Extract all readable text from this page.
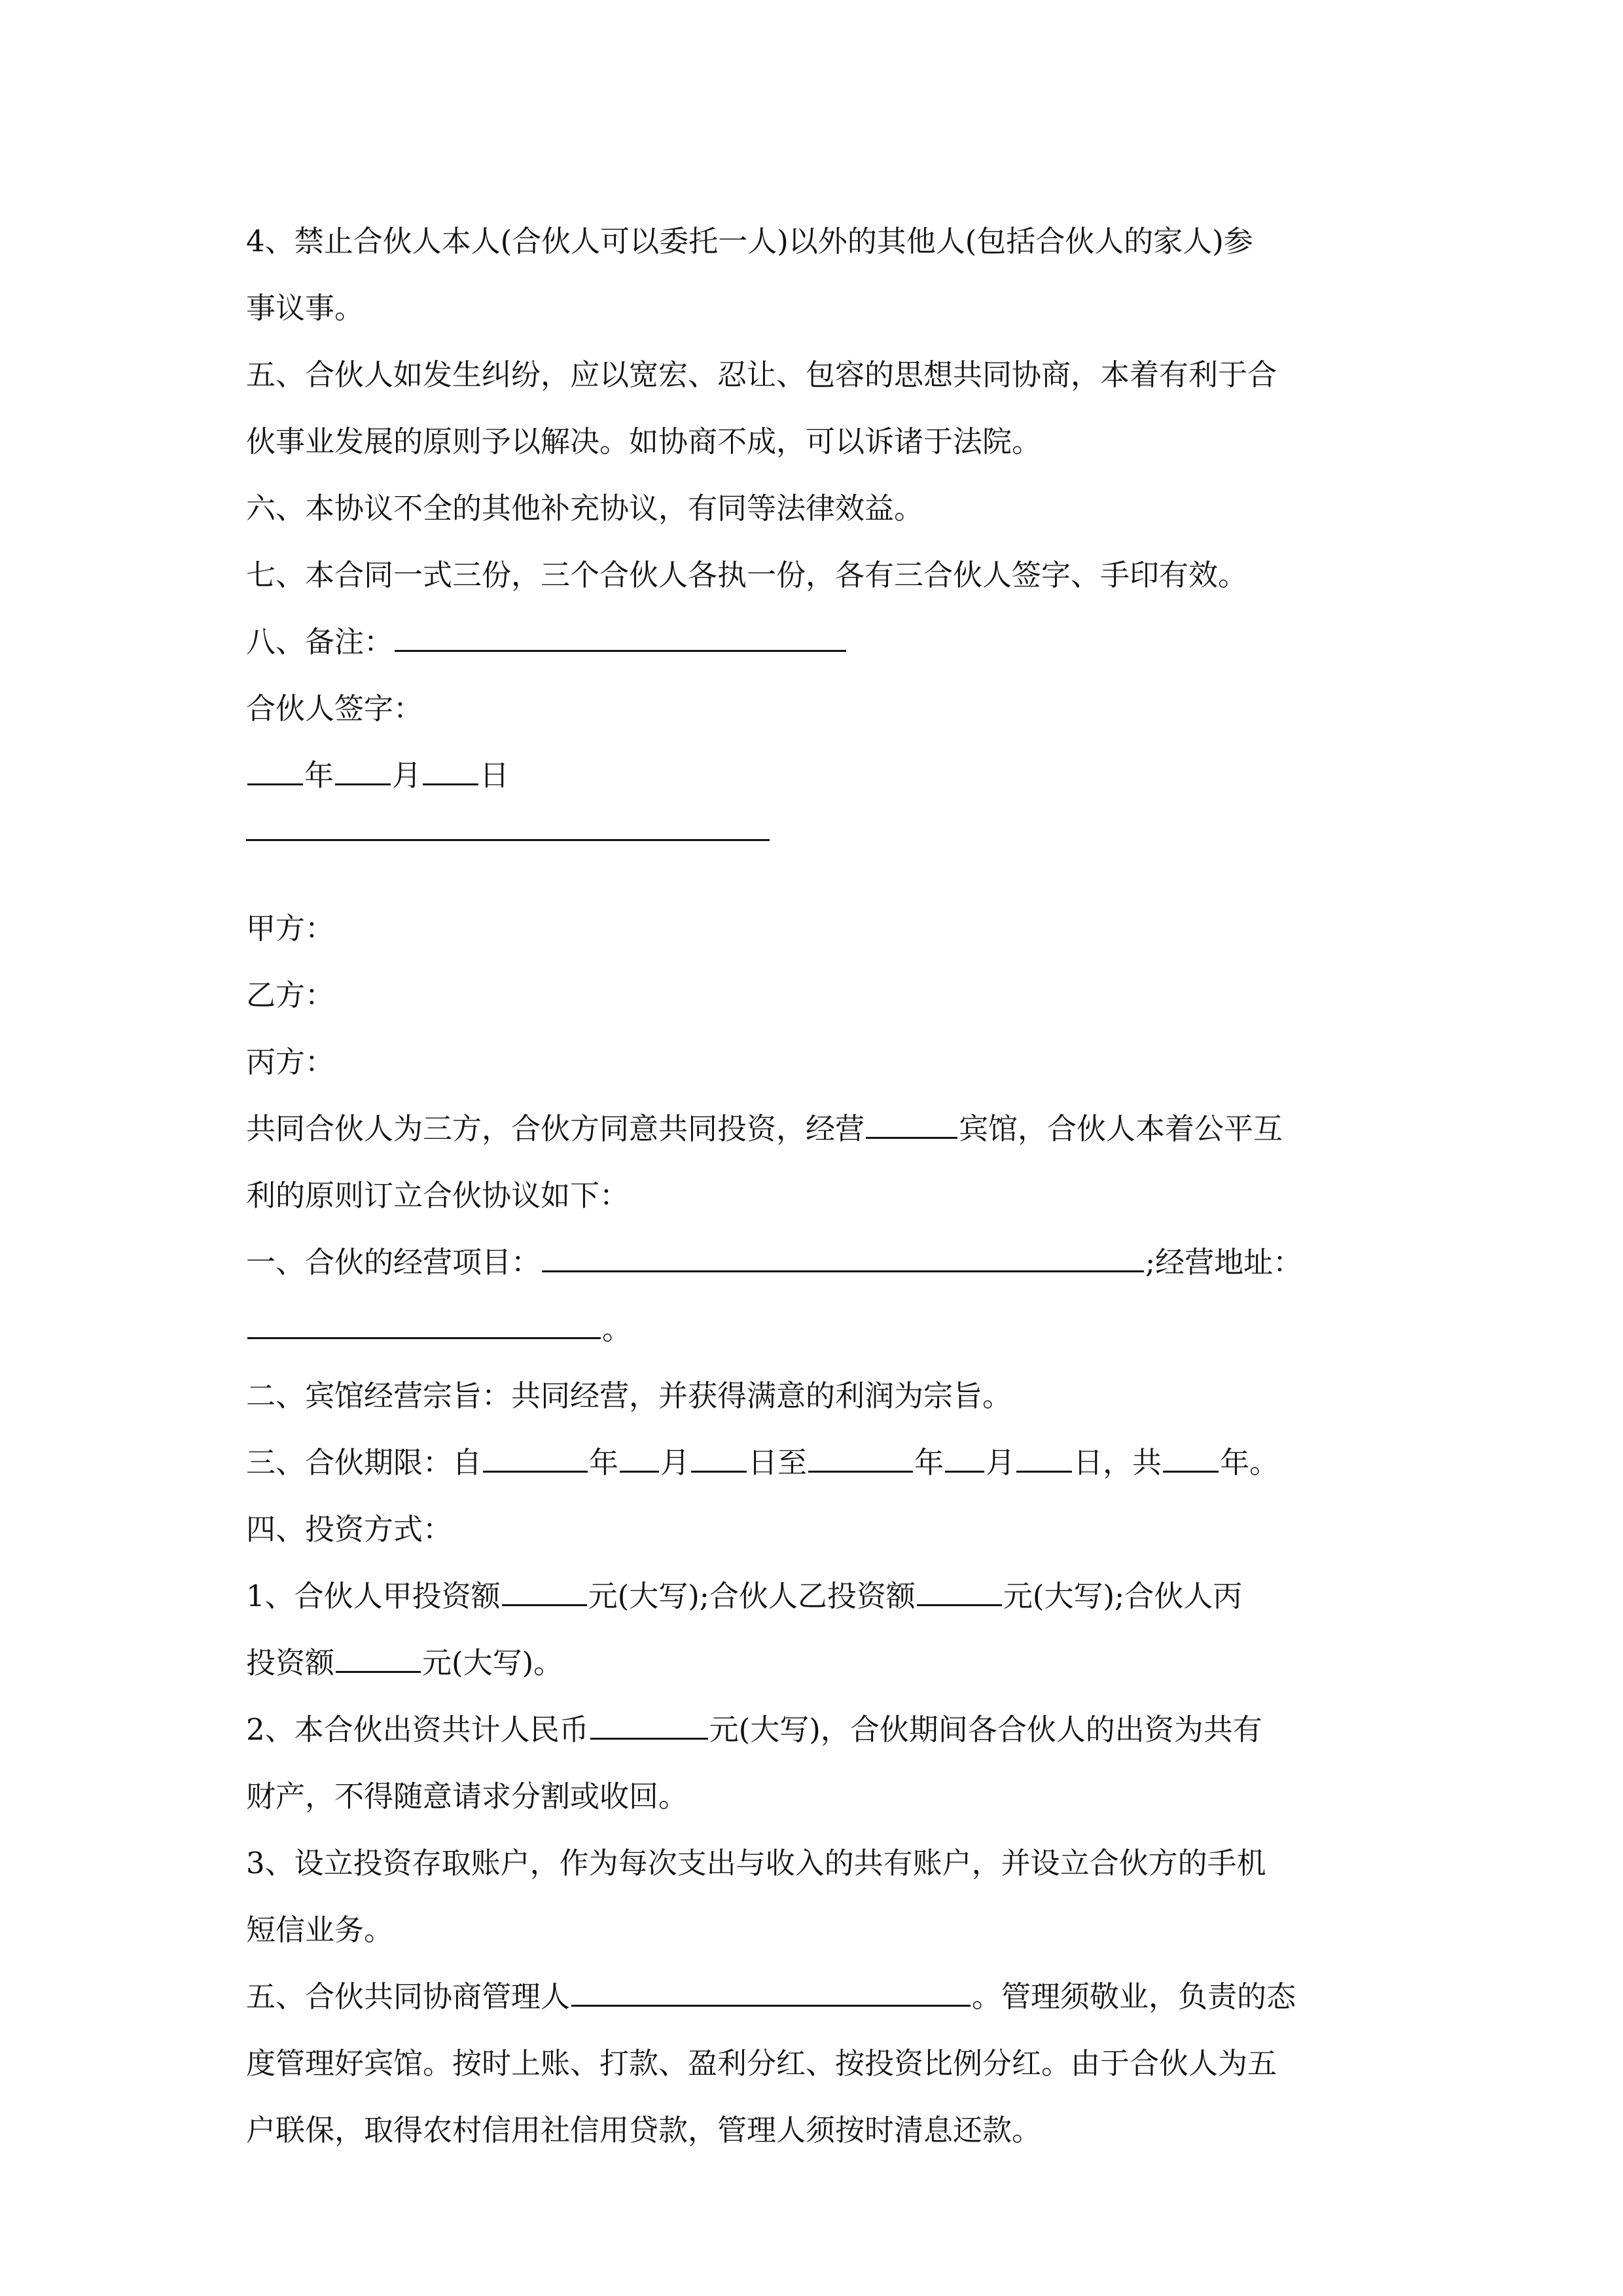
4、禁止合伙人本人(合伙人可以委托一人)以外的其他人(包括合伙人的家人)参

事议事。

五、合伙人如发生纠纷，应以宽宏、忍让、包容的思想共同协商，本着有利于合

伙事业发展的原则予以解决。如协商不成，可以诉诸于法院。

六、本协议不全的其他补充协议，有同等法律效益。

七、本合同一式三份，三个合伙人各执一份，各有三合伙人签字、手印有效。

八、备注：

合伙人签字：

年 月 日

甲方：

乙方：

丙方：

共同合伙人为三方，合伙方同意共同投资，经营	宾馆，合伙人本着公平互

利的原则订立合伙协议如下：

一、合伙的经营项目：	;经营地址：

。

二、宾馆经营宗旨：共同经营，并获得满意的利润为宗旨。

三、合伙期限：自	年 月 日至	年 月 日，共 年。

四、投资方式：

1、合伙人甲投资额	元(大写);合伙人乙投资额	元(大写);合伙人丙

投资额	元(大写)。

2、本合伙出资共计人民币	元(大写)，合伙期间各合伙人的出资为共有

财产，不得随意请求分割或收回。

3、设立投资存取账户，作为每次支出与收入的共有账户，并设立合伙方的手机

短信业务。

五、合伙共同协商管理人	。管理须敬业，负责的态

度管理好宾馆。按时上账、打款、盈利分红、按投资比例分红。由于合伙人为五

户联保，取得农村信用社信用贷款，管理人须按时清息还款。
